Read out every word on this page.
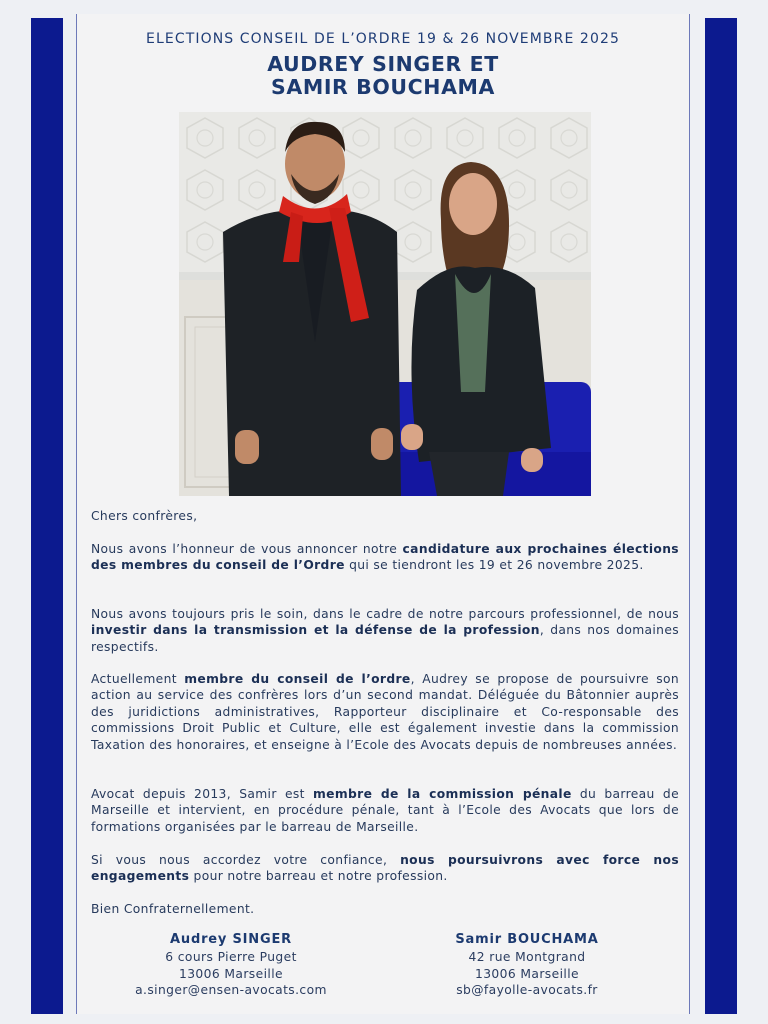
ELECTIONS CONSEIL DE L’ORDRE 19 & 26 NOVEMBRE 2025
AUDREY SINGER ET
SAMIR BOUCHAMA
Chers confrères,
Nous avons l’honneur de vous annoncer notre candidature aux prochaines élections des membres du conseil de l’Ordre qui se tiendront les 19 et 26 novembre 2025.
Nous avons toujours pris le soin, dans le cadre de notre parcours professionnel, de nous investir dans la transmission et la défense de la profession, dans nos domaines respectifs.
Actuellement membre du conseil de l’ordre, Audrey se propose de poursuivre son action au service des confrères lors d’un second mandat. Déléguée du Bâtonnier auprès des juridictions administratives, Rapporteur disciplinaire et Co-responsable des commissions Droit Public et Culture, elle est également investie dans la commission Taxation des honoraires, et enseigne à l’Ecole des Avocats depuis de nombreuses années.
Avocat depuis 2013, Samir est membre de la commission pénale du barreau de Marseille et intervient, en procédure pénale, tant à l’Ecole des Avocats que lors de formations organisées par le barreau de Marseille.
Si vous nous accordez votre confiance, nous poursuivrons avec force nos engagements pour notre barreau et notre profession.
Bien Confraternellement.
Audrey SINGER
6 cours Pierre Puget
13006 Marseille
a.singer@ensen-avocats.com
Samir BOUCHAMA
42 rue Montgrand
13006 Marseille
sb@fayolle-avocats.fr
